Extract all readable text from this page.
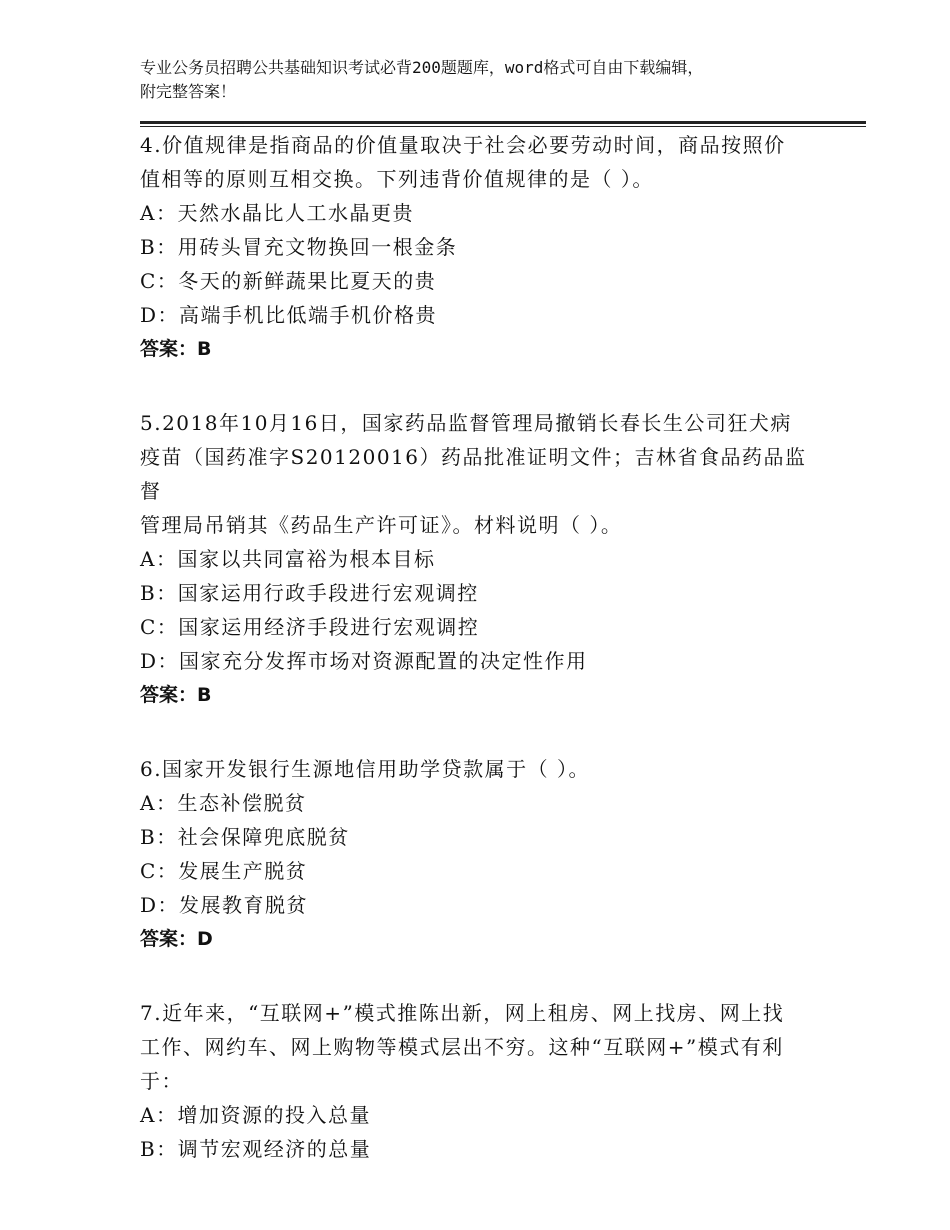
专业公务员招聘公共基础知识考试必背200题题库，word格式可自由下载编辑，
附完整答案！

4.价值规律是指商品的价值量取决于社会必要劳动时间，商品按照价

值相等的原则互相交换。下列违背价值规律的是（ ）。

A：天然水晶比人工水晶更贵

B：用砖头冒充文物换回一根金条

C：冬天的新鲜蔬果比夏天的贵

D：高端手机比低端手机价格贵

答案：B

5.2018年10月16日，国家药品监督管理局撤销长春长生公司狂犬病

疫苗（国药准字S20120016）药品批准证明文件；吉林省食品药品监督

管理局吊销其《药品生产许可证》。材料说明（ ）。

A：国家以共同富裕为根本目标

B：国家运用行政手段进行宏观调控

C：国家运用经济手段进行宏观调控

D：国家充分发挥市场对资源配置的决定性作用

答案：B

6.国家开发银行生源地信用助学贷款属于（ ）。

A：生态补偿脱贫

B：社会保障兜底脱贫

C：发展生产脱贫

D：发展教育脱贫

答案：D

7.近年来，“互联网+”模式推陈出新，网上租房、网上找房、网上找

工作、网约车、网上购物等模式层出不穷。这种“互联网+”模式有利

于：

A：增加资源的投入总量

B：调节宏观经济的总量
